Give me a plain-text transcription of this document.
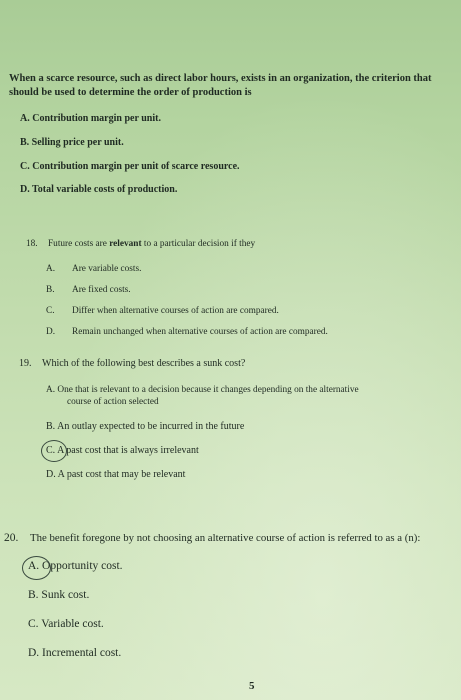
When a scarce resource, such as direct labor hours, exists in an organization, the criterion that
should be used to determine the order of production is
A. Contribution margin per unit.
B. Selling price per unit.
C. Contribution margin per unit of scarce resource.
D. Total variable costs of production.
18. Future costs are relevant to a particular decision if they
A. Are variable costs.
B. Are fixed costs.
C. Differ when alternative courses of action are compared.
D. Remain unchanged when alternative courses of action are compared.
19. Which of the following best describes a sunk cost?
A. One that is relevant to a decision because it changes depending on the alternative
course of action selected
B. An outlay expected to be incurred in the future
C. A past cost that is always irrelevant
D. A past cost that may be relevant
20. The benefit foregone by not choosing an alternative course of action is referred to as a (n):
A. Opportunity cost.
B. Sunk cost.
C. Variable cost.
D. Incremental cost.
5
